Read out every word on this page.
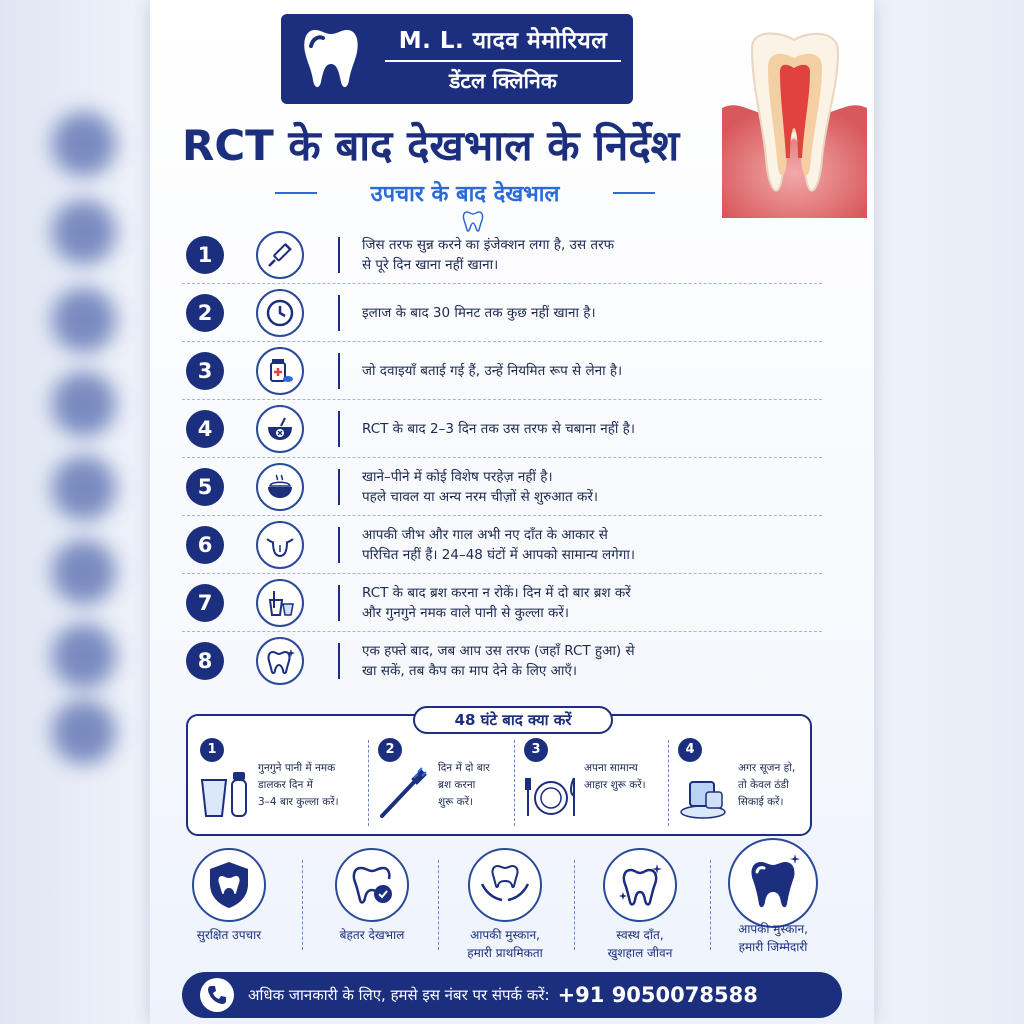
M. L. यादव मेमोरियल
डेंटल क्लिनिक
RCT के बाद देखभाल के निर्देश
उपचार के बाद देखभाल
1	जिस तरफ सुन्न करने का इंजेक्शन लगा है, उस तरफ
से पूरे दिन खाना नहीं खाना।
2	इलाज के बाद 30 मिनट तक कुछ नहीं खाना है।
3	जो दवाइयाँ बताई गई हैं, उन्हें नियमित रूप से लेना है।
4	RCT के बाद 2–3 दिन तक उस तरफ से चबाना नहीं है।
5	खाने–पीने में कोई विशेष परहेज़ नहीं है।
पहले चावल या अन्य नरम चीज़ों से शुरुआत करें।
6	आपकी जीभ और गाल अभी नए दाँत के आकार से
परिचित नहीं हैं। 24–48 घंटों में आपको सामान्य लगेगा।
7	RCT के बाद ब्रश करना न रोकें। दिन में दो बार ब्रश करें
और गुनगुने नमक वाले पानी से कुल्ला करें।
8	एक हफ्ते बाद, जब आप उस तरफ (जहाँ RCT हुआ) से
खा सकें, तब कैप का माप देने के लिए आएँ।
48 घंटे बाद क्या करें
1
गुनगुने पानी में नमक
डालकर दिन में
3–4 बार कुल्ला करें।
2
दिन में दो बार
ब्रश करना
शुरू करें।
3
अपना सामान्य
आहार शुरू करें।
4
अगर सूजन हो,
तो केवल ठंडी
सिकाई करें।
सुरक्षित उपचार	बेहतर देखभाल	आपकी मुस्कान,
हमारी प्राथमिकता
स्वस्थ दाँत,
खुशहाल जीवन
आपकी मुस्कान,
हमारी जिम्मेदारी
अधिक जानकारी के लिए, हमसे इस नंबर पर संपर्क करें: +91 9050078588
